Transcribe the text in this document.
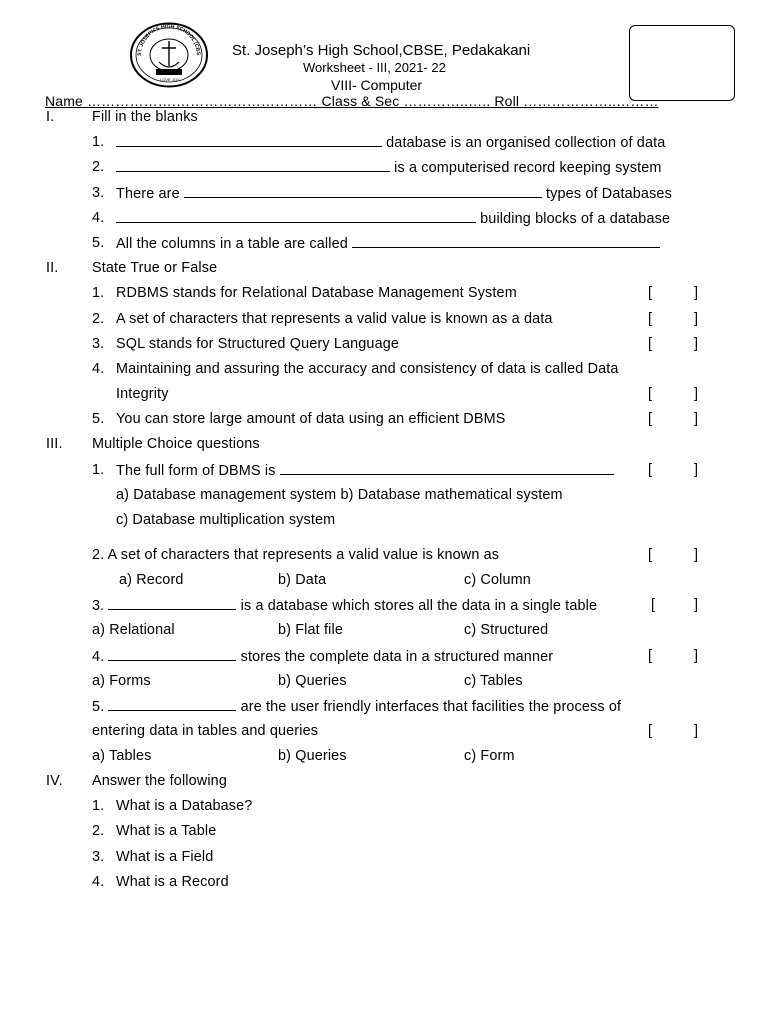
ST. JOSEPH'S HIGH SCHOOL (CBS
LOVE JOY
St. Joseph’s High School,CBSE, Pedakakani
Worksheet - III, 2021- 22
VIII- Computer
Name ……………….………………………… Class & Sec …………..….. Roll ………………..………
I.	Fill in the blanks
1.	database is an organised collection of data
2.	is a computerised record keeping system
3. There are	types of Databases
4.	building blocks of a database
5. All the columns in a table are called
II. State True or False
1. RDBMS stands for Relational Database Management System	[	]
2. A set of characters that represents a valid value is known as a data	[	]
3. SQL stands for Structured Query Language	[	]
4. Maintaining and assuring the accuracy and consistency of data is called Data
Integrity	[	]
5. You can store large amount of data using an efficient DBMS	[	]
III. Multiple Choice questions
1. The full form of DBMS is	[	]
a) Database management system b) Database mathematical system
c) Database multiplication system
2. A set of characters that represents a valid value is known as	[	]
a) Record	b) Data	c) Column
3.	is a database which stores all the data in a single table	[	]
a) Relational	b) Flat file	c) Structured
4.	stores the complete data in a structured manner	[	]
a) Forms	b) Queries	c) Tables
5.	are the user friendly interfaces that facilities the process of
entering data in tables and queries	[	]
a) Tables	b) Queries	c) Form
IV. Answer the following
1. What is a Database?
2. What is a Table
3. What is a Field
4. What is a Record
